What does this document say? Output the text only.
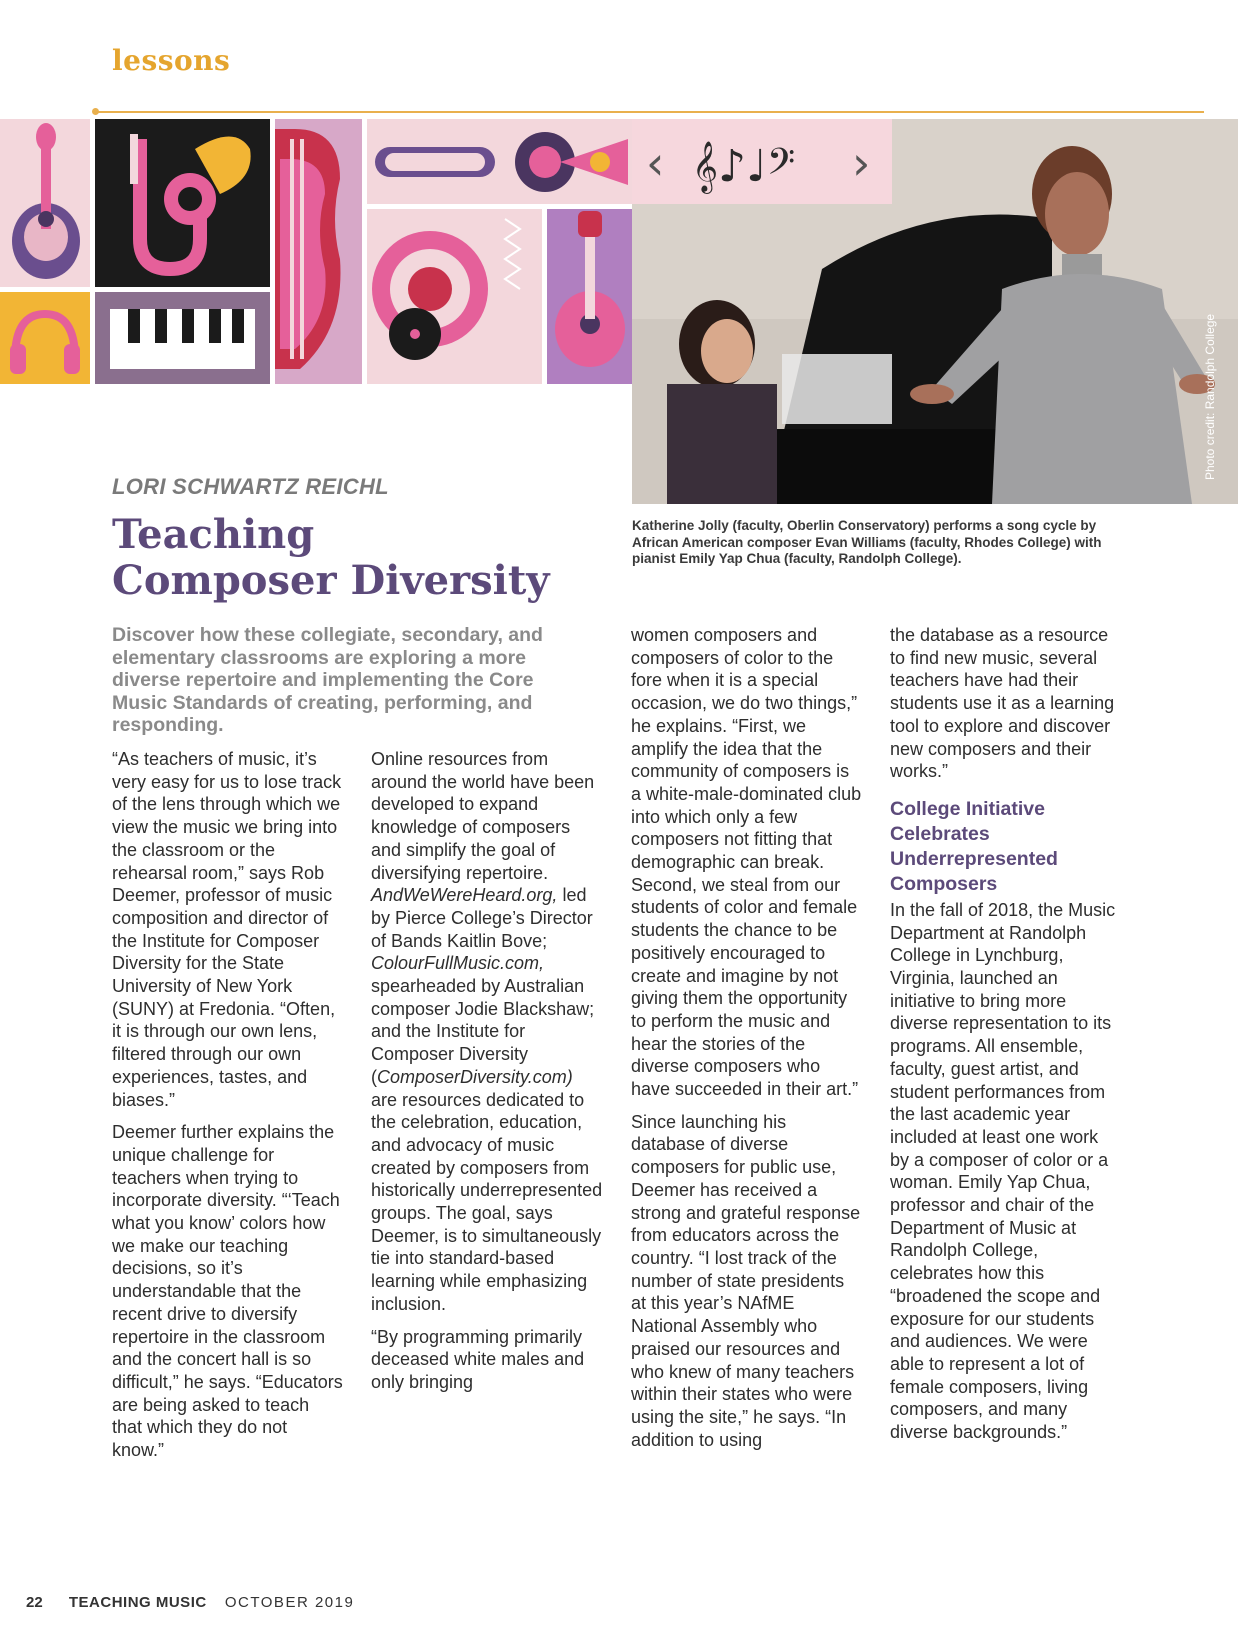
lessons
‹ 𝄞♪♩𝄢 ›
Photo credit: Randolph College
Katherine Jolly (faculty, Oberlin Conservatory) performs a song cycle by African American composer Evan Williams (faculty, Rhodes College) with pianist Emily Yap Chua (faculty, Randolph College).
LORI SCHWARTZ REICHL
Teaching Composer Diversity
Discover how these collegiate, secondary, and elementary classrooms are exploring a more diverse repertoire and implementing the Core Music Standards of creating, performing, and responding.

“As teachers of music, it’s very easy for us to lose track of the lens through which we view the music we bring into the classroom or the rehearsal room,” says Rob Deemer, professor of music composition and director of the Institute for Composer Diversity for the State University of New York (SUNY) at Fredonia. “Often, it is through our own lens, filtered through our own experiences, tastes, and biases.”

Deemer further explains the unique challenge for teachers when trying to incorporate diversity. “‘Teach what you know’ colors how we make our teaching decisions, so it’s understandable that the recent drive to diversify repertoire in the classroom and the concert hall is so difficult,” he says. “Educators are being asked to teach that which they do not know.”

Online resources from around the world have been developed to expand knowledge of composers and simplify the goal of diversifying repertoire. AndWeWereHeard.org, led by Pierce College’s Director of Bands Kaitlin Bove; ColourFullMusic.com, spearheaded by Australian composer Jodie Blackshaw; and the Institute for Composer Diversity (ComposerDiversity.com) are resources dedicated to the celebration, education, and advocacy of music created by composers from historically underrepresented groups. The goal, says Deemer, is to simultaneously tie into standard-based learning while emphasizing inclusion.

“By programming primarily deceased white males and only bringing

women composers and composers of color to the fore when it is a special occasion, we do two things,” he explains. “First, we amplify the idea that the community of composers is a white-male-dominated club into which only a few composers not fitting that demographic can break. Second, we steal from our students of color and female students the chance to be positively encouraged to create and imagine by not giving them the opportunity to perform the music and hear the stories of the diverse composers who have succeeded in their art.”

Since launching his database of diverse composers for public use, Deemer has received a strong and grateful response from educators across the country. “I lost track of the number of state presidents at this year’s NAfME National Assembly who praised our resources and who knew of many teachers within their states who were using the site,” he says. “In addition to using

the database as a resource to find new music, several teachers have had their students use it as a learning tool to explore and discover new composers and their works.”

College Initiative Celebrates Underrepresented Composers

In the fall of 2018, the Music Department at Randolph College in Lynchburg, Virginia, launched an initiative to bring more diverse representation to its programs. All ensemble, faculty, guest artist, and student performances from the last academic year included at least one work by a composer of color or a woman. Emily Yap Chua, professor and chair of the Department of Music at Randolph College, celebrates how this “broadened the scope and exposure for our students and audiences. We were able to represent a lot of female composers, living composers, and many diverse backgrounds.”

22 TEACHING MUSIC OCTOBER 2019
